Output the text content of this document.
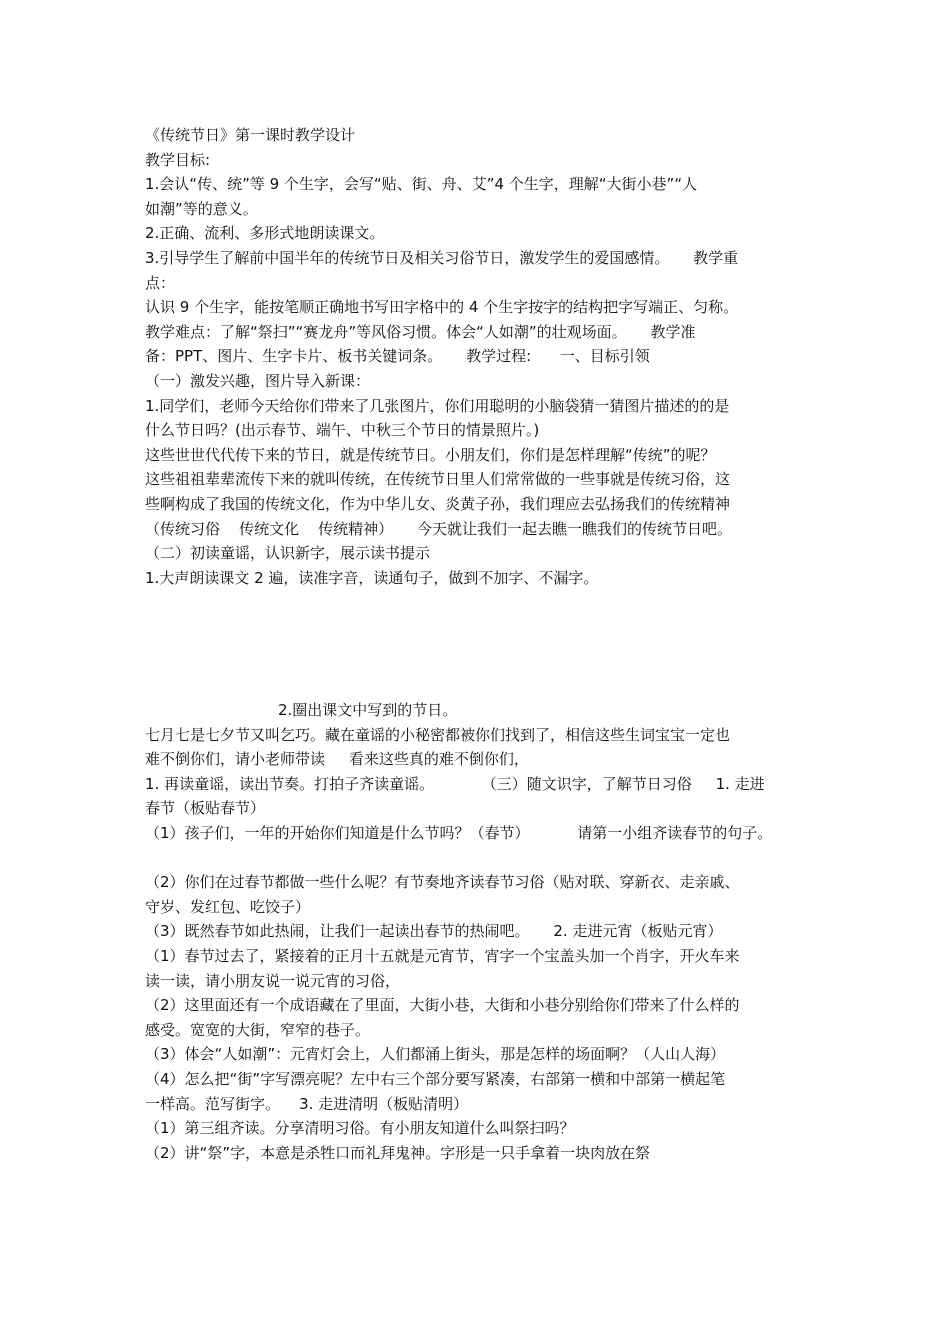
《传统节日》第一课时教学设计

教学目标:

1.会认“传、统”等 9 个生字，会写“贴、街、舟、艾”4 个生字，理解“大街小巷”“人

如潮”等的意义。

2.正确、流利、多形式地朗读课文。

3.引导学生了解前中国半年的传统节日及相关习俗节日，激发学生的爱国感情。     教学重

点：

认识 9 个生字，能按笔顺正确地书写田字格中的 4 个生字按字的结构把字写端正、匀称。

教学难点：了解“祭扫”“赛龙舟”等风俗习惯。体会“人如潮”的壮观场面。     教学准

备：PPT、图片、生字卡片、板书关键词条。     教学过程:      一、目标引领

（一）激发兴趣，图片导入新课：

1.同学们，老师今天给你们带来了几张图片，你们用聪明的小脑袋猜一猜图片描述的的是

什么节日吗？(出示春节、端午、中秋三个节日的情景照片。)

这些世世代代传下来的节日，就是传统节日。小朋友们，你们是怎样理解“传统”的呢？

这些祖祖辈辈流传下来的就叫传统，在传统节日里人们常常做的一些事就是传统习俗，这

些啊构成了我国的传统文化，作为中华儿女、炎黄子孙，我们理应去弘扬我们的传统精神

（传统习俗    传统文化    传统精神）     今天就让我们一起去瞧一瞧我们的传统节日吧。

（二）初读童谣，认识新字，展示读书提示

1.大声朗读课文 2 遍，读准字音，读通句子，做到不加字、不漏字。

2.圈出课文中写到的节日。

七月七是七夕节又叫乞巧。藏在童谣的小秘密都被你们找到了，相信这些生词宝宝一定也

难不倒你们，请小老师带读     看来这些真的难不倒你们，

1. 再读童谣，读出节奏。打拍子齐读童谣。          （三）随文识字，了解节日习俗     1. 走进

春节（板贴春节）

（1）孩子们，一年的开始你们知道是什么节吗？（春节）          请第一小组齐读春节的句子。

（2）你们在过春节都做一些什么呢？有节奏地齐读春节习俗（贴对联、穿新衣、走亲戚、

守岁、发红包、吃饺子）

（3）既然春节如此热闹，让我们一起读出春节的热闹吧。     2. 走进元宵（板贴元宵）

（1）春节过去了，紧接着的正月十五就是元宵节，宵字一个宝盖头加一个肖字，开火车来

读一读，请小朋友说一说元宵的习俗，

（2）这里面还有一个成语藏在了里面，大街小巷，大街和小巷分别给你们带来了什么样的

感受。宽宽的大街，窄窄的巷子。

（3）体会“人如潮”：元宵灯会上，人们都涌上街头，那是怎样的场面啊？（人山人海）

（4）怎么把“街”字写漂亮呢？左中右三个部分要写紧凑，右部第一横和中部第一横起笔

一样高。范写街字。    3. 走进清明（板贴清明）

（1）第三组齐读。分享清明习俗。有小朋友知道什么叫祭扫吗？

（2）讲“祭”字，本意是杀牲口而礼拜鬼神。字形是一只手拿着一块肉放在祭
